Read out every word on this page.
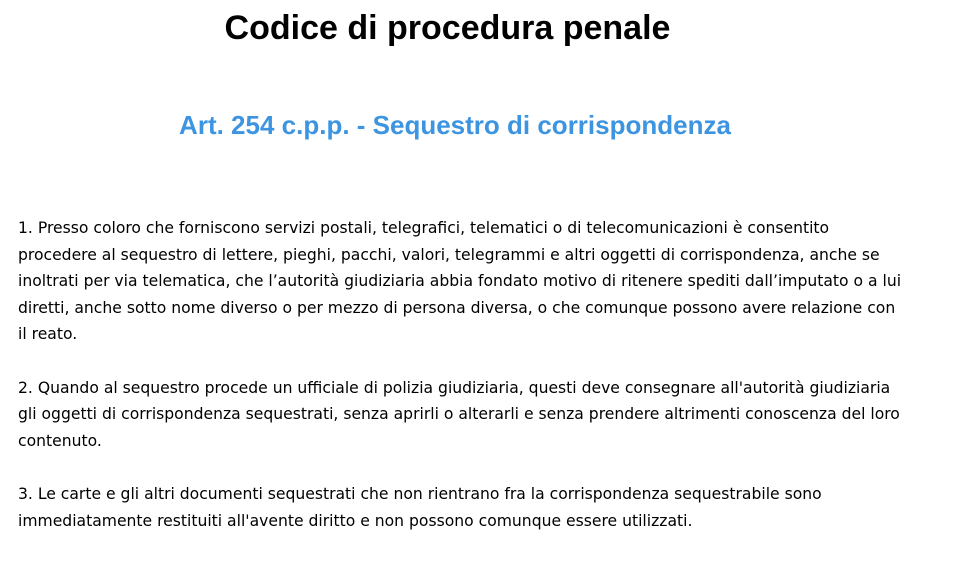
Codice di procedura penale
Art. 254 c.p.p. - Sequestro di corrispondenza

1. Presso coloro che forniscono servizi postali, telegrafici, telematici o di telecomunicazioni è consentito procedere al sequestro di lettere, pieghi, pacchi, valori, telegrammi e altri oggetti di corrispondenza, anche se inoltrati per via telematica, che l’autorità giudiziaria abbia fondato motivo di ritenere spediti dall’imputato o a lui diretti, anche sotto nome diverso o per mezzo di persona diversa, o che comunque possono avere relazione con il reato.

2. Quando al sequestro procede un ufficiale di polizia giudiziaria, questi deve consegnare all'autorità giudiziaria gli oggetti di corrispondenza sequestrati, senza aprirli o alterarli e senza prendere altrimenti conoscenza del loro contenuto.

3. Le carte e gli altri documenti sequestrati che non rientrano fra la corrispondenza sequestrabile sono immediatamente restituiti all'avente diritto e non possono comunque essere utilizzati.
